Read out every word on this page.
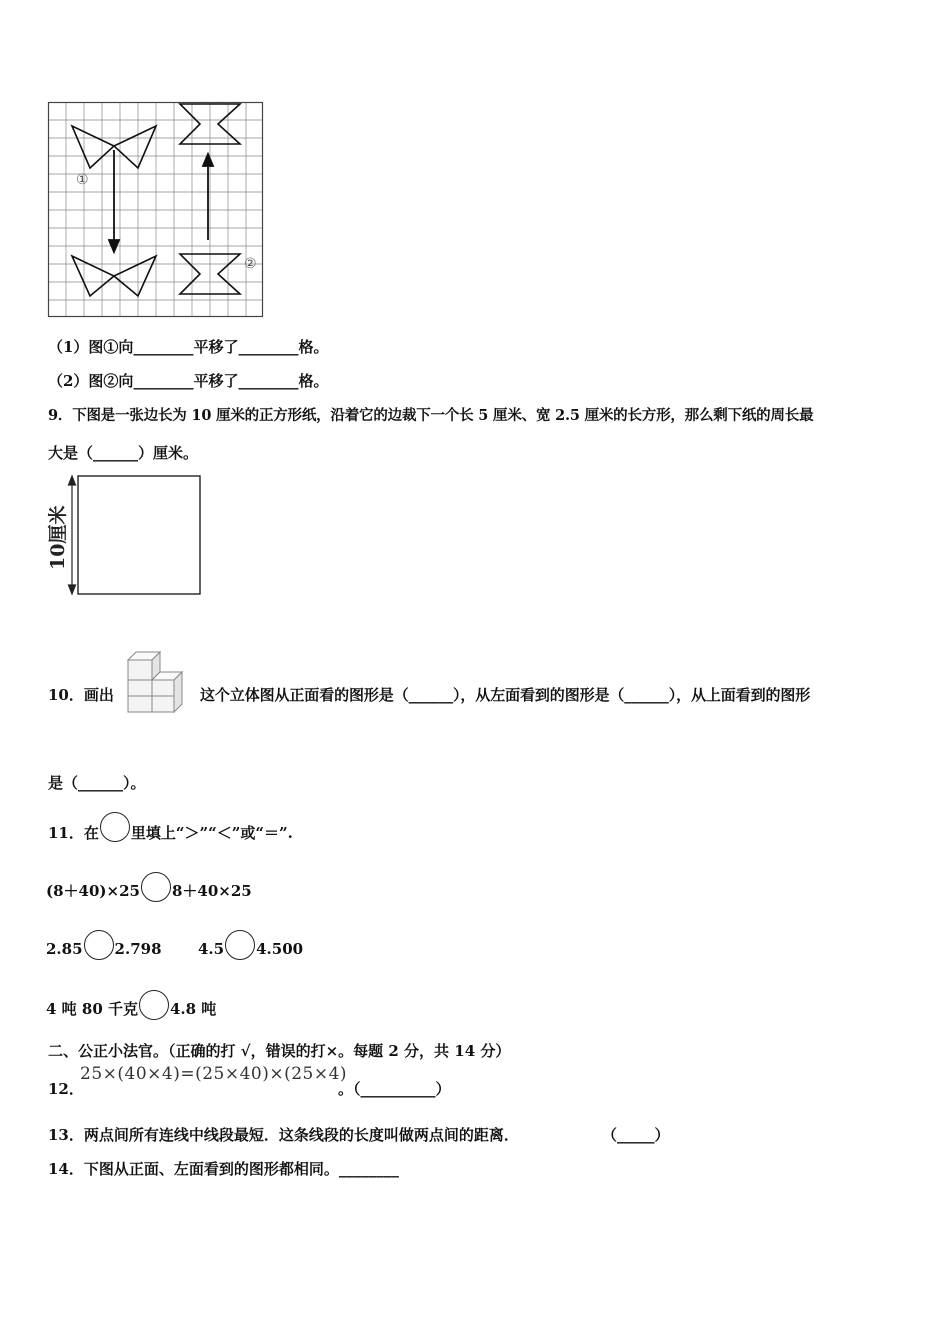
①
②
（1）图①向________平移了________格。
（2）图②向________平移了________格。
9．下图是一张边长为 10 厘米的正方形纸，沿着它的边裁下一个长 5 厘米、宽 2.5 厘米的长方形，那么剩下纸的周长最
大是（______）厘米。
10厘米
10．画出	这个立体图从正面看的图形是（______），从左面看到的图形是（______），从上面看到的图形
是（______）。
11．在 里填上“＞”“＜”或“＝”.
(8＋40)×25 8＋40×25
2.85 2.798 4.5 4.500
4 吨 80 千克 4.8 吨
二、公正小法官。（正确的打 √，错误的打×。每题 2 分，共 14 分）
12．
25×(40×4)=(25×40)×(25×4)
。（__________）
13．两点间所有连线中线段最短．这条线段的长度叫做两点间的距离．	（_____）
14．下图从正面、左面看到的图形都相同。________
